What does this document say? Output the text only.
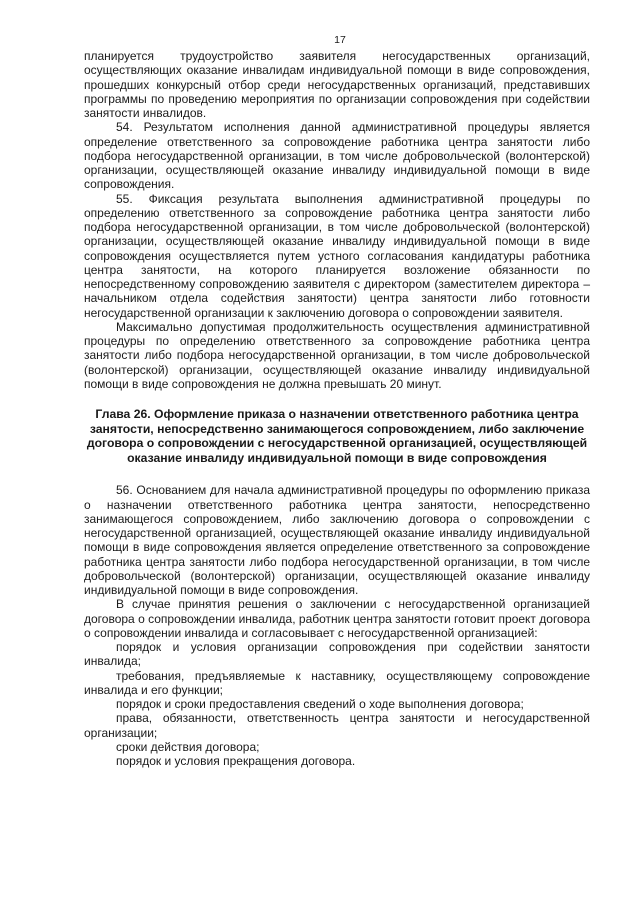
17

планируется трудоустройство заявителя негосударственных организаций, осуществляющих оказание инвалидам индивидуальной помощи в виде сопровождения, прошедших конкурсный отбор среди негосударственных организаций, представивших программы по проведению мероприятия по организации сопровождения при содействии занятости инвалидов.

54. Результатом исполнения данной административной процедуры является определение ответственного за сопровождение работника центра занятости либо подбора негосударственной организации, в том числе добровольческой (волонтерской) организации, осуществляющей оказание инвалиду индивидуальной помощи в виде сопровождения.

55. Фиксация результата выполнения административной процедуры по определению ответственного за сопровождение работника центра занятости либо подбора негосударственной организации, в том числе добровольческой (волонтерской) организации, осуществляющей оказание инвалиду индивидуальной помощи в виде сопровождения осуществляется путем устного согласования кандидатуры работника центра занятости, на которого планируется возложение обязанности по непосредственному сопровождению заявителя с директором (заместителем директора – начальником отдела содействия занятости) центра занятости либо готовности негосударственной организации к заключению договора о сопровождении заявителя.

Максимально допустимая продолжительность осуществления административной процедуры по определению ответственного за сопровождение работника центра занятости либо подбора негосударственной организации, в том числе добровольческой (волонтерской) организации, осуществляющей оказание инвалиду индивидуальной помощи в виде сопровождения не должна превышать 20 минут.

Глава 26. Оформление приказа о назначении ответственного работника центра занятости, непосредственно занимающегося сопровождением, либо заключение договора о сопровождении с негосударственной организацией, осуществляющей оказание инвалиду индивидуальной помощи в виде сопровождения

56. Основанием для начала административной процедуры по оформлению приказа о назначении ответственного работника центра занятости, непосредственно занимающегося сопровождением, либо заключению договора о сопровождении с негосударственной организацией, осуществляющей оказание инвалиду индивидуальной помощи в виде сопровождения является определение ответственного за сопровождение работника центра занятости либо подбора негосударственной организации, в том числе добровольческой (волонтерской) организации, осуществляющей оказание инвалиду индивидуальной помощи в виде сопровождения.

В случае принятия решения о заключении с негосударственной организацией договора о сопровождении инвалида, работник центра занятости готовит проект договора о сопровождении инвалида и согласовывает с негосударственной организацией:

порядок и условия организации сопровождения при содействии занятости инвалида;

требования, предъявляемые к наставнику, осуществляющему сопровождение инвалида и его функции;

порядок и сроки предоставления сведений о ходе выполнения договора;

права, обязанности, ответственность центра занятости и негосударственной организации;

сроки действия договора;

порядок и условия прекращения договора.
